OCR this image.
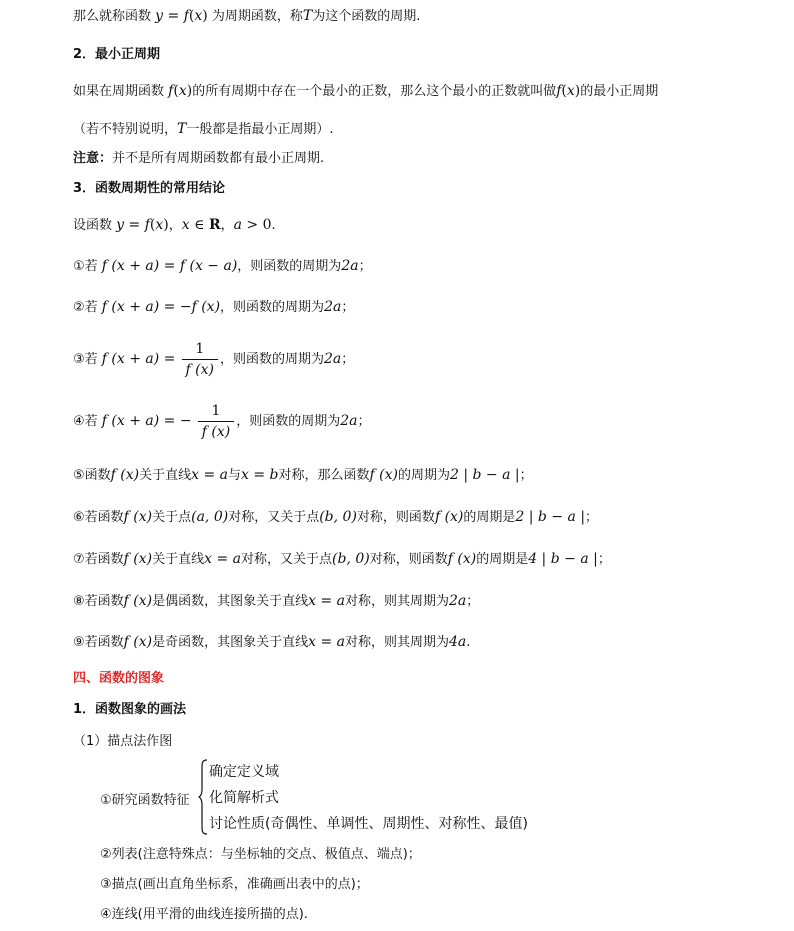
那么就称函数 y = f(x) 为周期函数，称T为这个函数的周期.
2．最小正周期
如果在周期函数 f(x)的所有周期中存在一个最小的正数，那么这个最小的正数就叫做f(x)的最小正周期
（若不特别说明，T一般都是指最小正周期）.
注意：并不是所有周期函数都有最小正周期.
3．函数周期性的常用结论
设函数 y = f(x)，x ∈ R，a > 0.
①若 f (x + a) = f (x − a)，则函数的周期为2a；
②若 f (x + a) = −f (x)，则函数的周期为2a；
③若 f $(x + a) = \frac{1}{f (x)}$ ，则函数的周期为2a；
④若 f (x + a) = − $\frac{1}{f (x)}$ ，则函数的周期为2a；
⑤函数f (x)关于直线x = a与x = b对称，那么函数f (x)的周期为2 | b − a |；
⑥若函数f (x)关于点(a, 0)对称，又关于点(b, 0)对称，则函数f (x)的周期是2 | b − a |；
⑦若函数f (x)关于直线x = a对称，又关于点(b, 0)对称，则函数f (x)的周期是4 | b − a |；
⑧若函数f (x)是偶函数，其图象关于直线x = a对称，则其周期为2a；
⑨若函数f (x)是奇函数，其图象关于直线x = a对称，则其周期为4a.
四、函数的图象
1．函数图象的画法
（1）描点法作图
①研究函数特征
确定定义域
化简解析式
讨论性质(奇偶性、单调性、周期性、对称性、最值)
②列表(注意特殊点：与坐标轴的交点、极值点、端点)；
③描点(画出直角坐标系，准确画出表中的点)；
④连线(用平滑的曲线连接所描的点).
